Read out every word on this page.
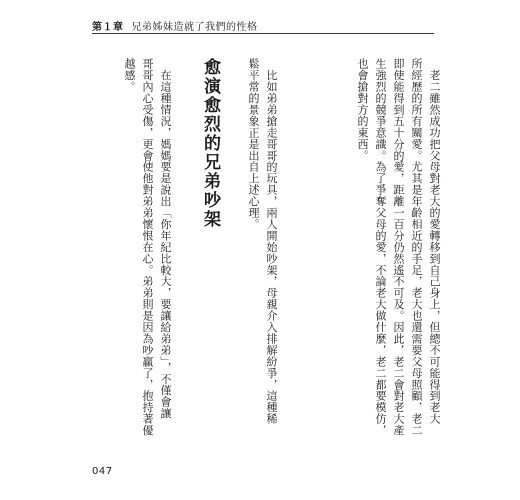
第１章 兄弟姊妹造就了我們的性格
　老二雖然成功把父母對老大的愛轉移到自己身上，但總不可能得到老大
所經歷的所有關愛。尤其是年齡相近的手足，老大也還需要父母照顧，老二
即使能得到五十分的愛，距離一百分仍然遙不可及。因此，老二會對老大產
生強烈的競爭意識。為了爭奪父母的愛，不論老大做什麼，老二都要模仿，
也會搶對方的東西。
　比如弟弟搶走哥哥的玩具，兩人開始吵架，母親介入排解紛爭，這種稀
鬆平常的景象正是出自上述心理。
愈演愈烈的兄弟吵架
　在這種情況，媽媽要是說出「你年紀比較大，要讓給弟弟」，不僅會讓
哥哥內心受傷，更會使他對弟弟懷恨在心。弟弟則是因為吵贏了，抱持著優
越感。
047
